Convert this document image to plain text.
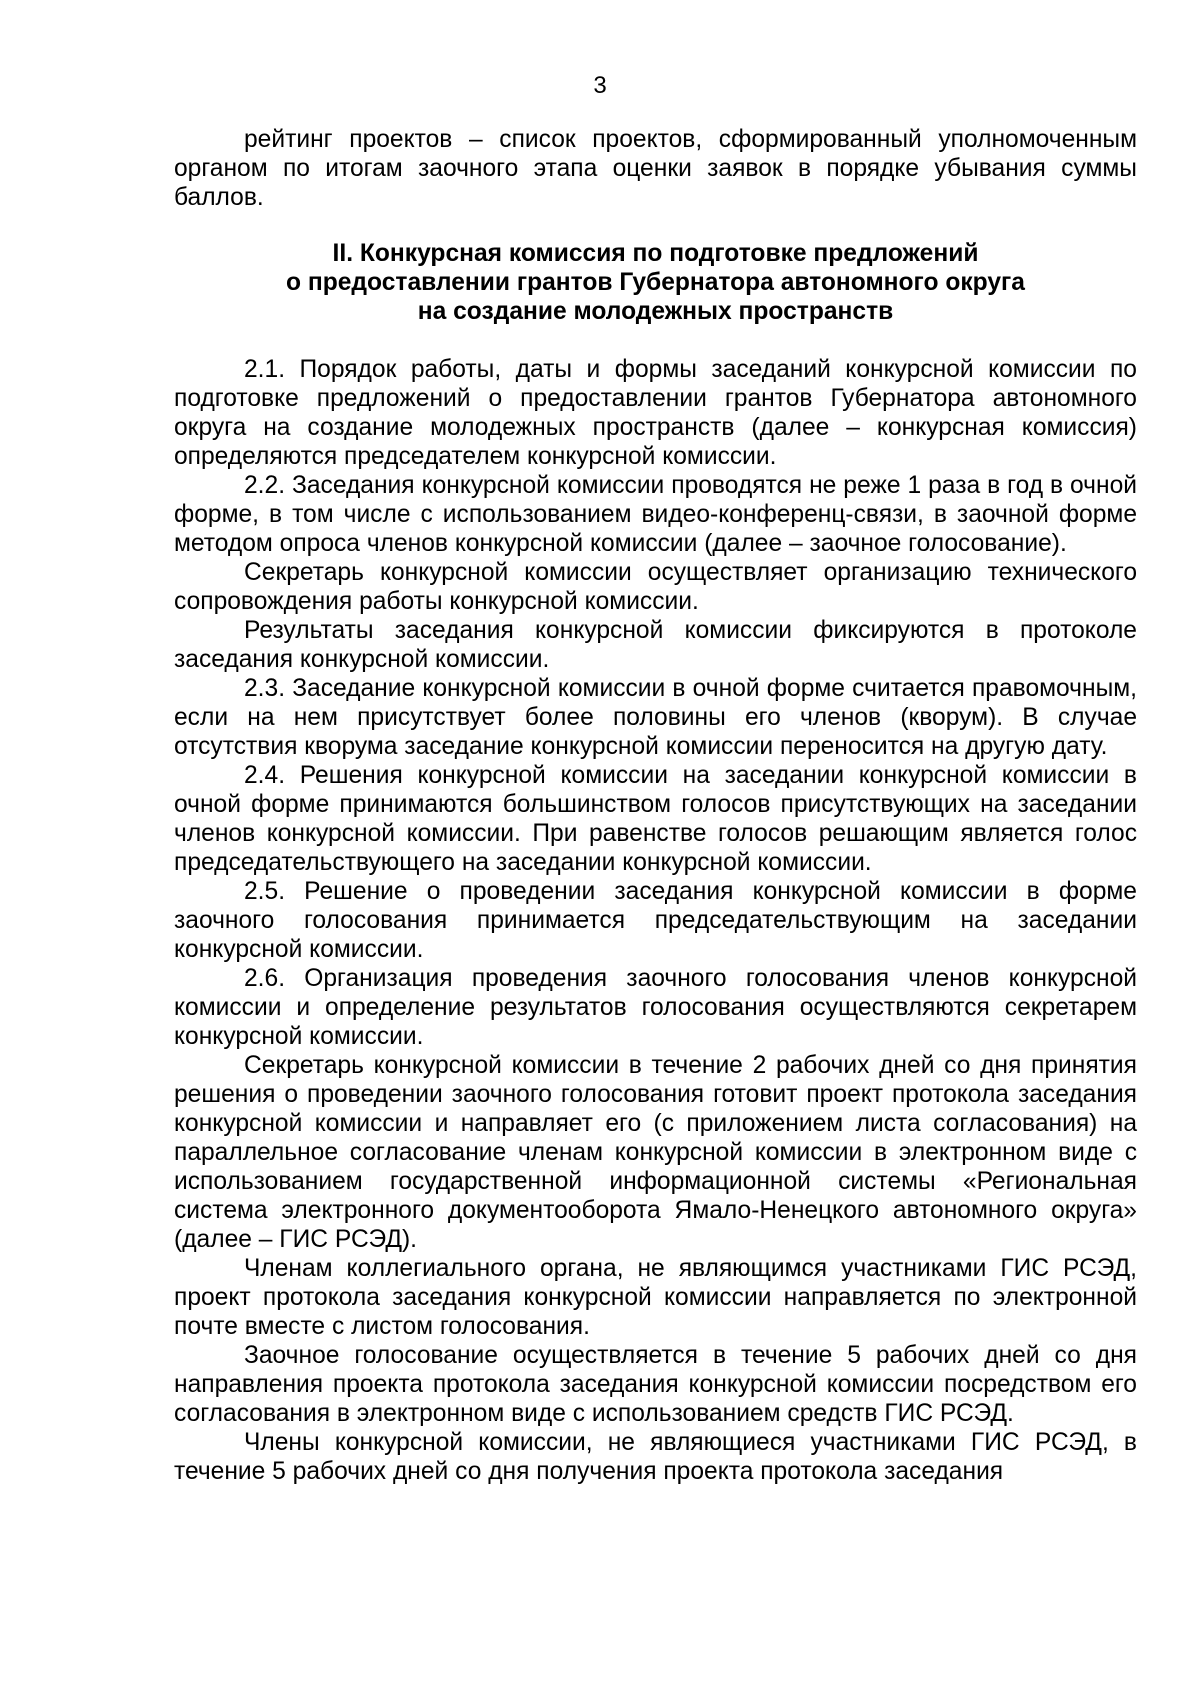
3

рейтинг проектов – список проектов, сформированный уполномоченным органом по итогам заочного этапа оценки заявок в порядке убывания суммы баллов.

II. Конкурсная комиссия по подготовке предложений
о предоставлении грантов Губернатора автономного округа
на создание молодежных пространств

2.1. Порядок работы, даты и формы заседаний конкурсной комиссии по подготовке предложений о предоставлении грантов Губернатора автономного округа на создание молодежных пространств (далее – конкурсная комиссия) определяются председателем конкурсной комиссии.

2.2. Заседания конкурсной комиссии проводятся не реже 1 раза в год в очной форме, в том числе с использованием видео-конференц-связи, в заочной форме методом опроса членов конкурсной комиссии (далее – заочное голосование).

Секретарь конкурсной комиссии осуществляет организацию технического сопровождения работы конкурсной комиссии.

Результаты заседания конкурсной комиссии фиксируются в протоколе заседания конкурсной комиссии.

2.3. Заседание конкурсной комиссии в очной форме считается правомочным, если на нем присутствует более половины его членов (кворум). В случае отсутствия кворума заседание конкурсной комиссии переносится на другую дату.

2.4. Решения конкурсной комиссии на заседании конкурсной комиссии в очной форме принимаются большинством голосов присутствующих на заседании членов конкурсной комиссии. При равенстве голосов решающим является голос председательствующего на заседании конкурсной комиссии.

2.5. Решение о проведении заседания конкурсной комиссии в форме заочного голосования принимается председательствующим на заседании конкурсной комиссии.

2.6. Организация проведения заочного голосования членов конкурсной комиссии и определение результатов голосования осуществляются секретарем конкурсной комиссии.

Секретарь конкурсной комиссии в течение 2 рабочих дней со дня принятия решения о проведении заочного голосования готовит проект протокола заседания конкурсной комиссии и направляет его (с приложением листа согласования) на параллельное согласование членам конкурсной комиссии в электронном виде с использованием государственной информационной системы «Региональная система электронного документооборота Ямало-Ненецкого автономного округа» (далее – ГИС РСЭД).

Членам коллегиального органа, не являющимся участниками ГИС РСЭД, проект протокола заседания конкурсной комиссии направляется по электронной почте вместе с листом голосования.

Заочное голосование осуществляется в течение 5 рабочих дней со дня направления проекта протокола заседания конкурсной комиссии посредством его согласования в электронном виде с использованием средств ГИС РСЭД.

Члены конкурсной комиссии, не являющиеся участниками ГИС РСЭД, в течение 5 рабочих дней со дня получения проекта протокола заседания
